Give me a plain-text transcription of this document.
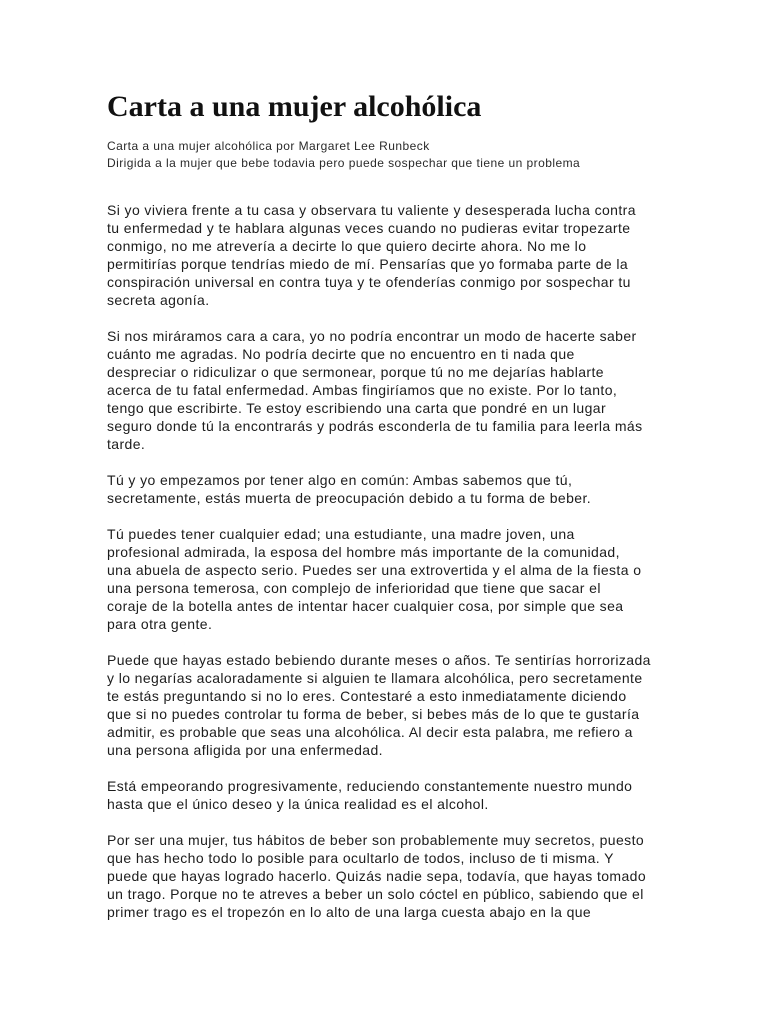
Carta a una mujer alcohólica

Carta a una mujer alcohólica por Margaret Lee Runbeck

Dirigida a la mujer que bebe todavia pero puede sospechar que tiene un problema

Si yo viviera frente a tu casa y observara tu valiente y desesperada lucha contra
tu enfermedad y te hablara algunas veces cuando no pudieras evitar tropezarte
conmigo, no me atrevería a decirte lo que quiero decirte ahora. No me lo
permitirías porque tendrías miedo de mí. Pensarías que yo formaba parte de la
conspiración universal en contra tuya y te ofenderías conmigo por sospechar tu
secreta agonía.

Si nos miráramos cara a cara, yo no podría encontrar un modo de hacerte saber
cuánto me agradas. No podría decirte que no encuentro en ti nada que
despreciar o ridiculizar o que sermonear, porque tú no me dejarías hablarte
acerca de tu fatal enfermedad. Ambas fingiríamos que no existe. Por lo tanto,
tengo que escribirte. Te estoy escribiendo una carta que pondré en un lugar
seguro donde tú la encontrarás y podrás esconderla de tu familia para leerla más
tarde.

Tú y yo empezamos por tener algo en común: Ambas sabemos que tú,
secretamente, estás muerta de preocupación debido a tu forma de beber.

Tú puedes tener cualquier edad; una estudiante, una madre joven, una
profesional admirada, la esposa del hombre más importante de la comunidad,
una abuela de aspecto serio. Puedes ser una extrovertida y el alma de la fiesta o
una persona temerosa, con complejo de inferioridad que tiene que sacar el
coraje de la botella antes de intentar hacer cualquier cosa, por simple que sea
para otra gente.

Puede que hayas estado bebiendo durante meses o años. Te sentirías horrorizada
y lo negarías acaloradamente si alguien te llamara alcohólica, pero secretamente
te estás preguntando si no lo eres. Contestaré a esto inmediatamente diciendo
que si no puedes controlar tu forma de beber, si bebes más de lo que te gustaría
admitir, es probable que seas una alcohólica. Al decir esta palabra, me refiero a
una persona afligida por una enfermedad.

Está empeorando progresivamente, reduciendo constantemente nuestro mundo
hasta que el único deseo y la única realidad es el alcohol.

Por ser una mujer, tus hábitos de beber son probablemente muy secretos, puesto
que has hecho todo lo posible para ocultarlo de todos, incluso de ti misma. Y
puede que hayas logrado hacerlo. Quizás nadie sepa, todavía, que hayas tomado
un trago. Porque no te atreves a beber un solo cóctel en público, sabiendo que el
primer trago es el tropezón en lo alto de una larga cuesta abajo en la que
